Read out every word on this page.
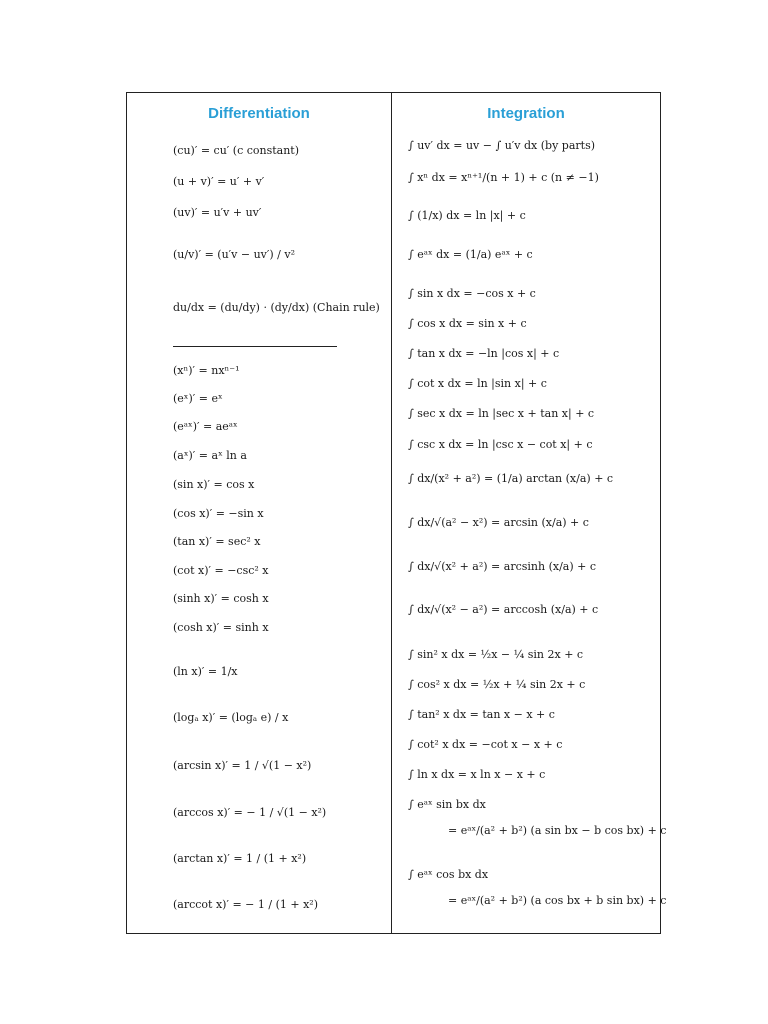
Differentiation
(cu)′ = cu′ (c constant)
(u + v)′ = u′ + v′
(uv)′ = u′v + uv′
(u/v)′ = (u′v − uv′) / v²
du/dx = (du/dy) · (dy/dx) (Chain rule)
(xⁿ)′ = nxⁿ⁻¹
(eˣ)′ = eˣ
(eᵃˣ)′ = aeᵃˣ
(aˣ)′ = aˣ ln a
(sin x)′ = cos x
(cos x)′ = −sin x
(tan x)′ = sec² x
(cot x)′ = −csc² x
(sinh x)′ = cosh x
(cosh x)′ = sinh x
(ln x)′ = 1/x
(logₐ x)′ = (logₐ e) / x
(arcsin x)′ = 1 / √(1 − x²)
(arccos x)′ = − 1 / √(1 − x²)
(arctan x)′ = 1 / (1 + x²)
(arccot x)′ = − 1 / (1 + x²)
Integration
∫ uv′ dx = uv − ∫ u′v dx (by parts)
∫ xⁿ dx = xⁿ⁺¹/(n + 1) + c (n ≠ −1)
∫ (1/x) dx = ln |x| + c
∫ eᵃˣ dx = (1/a) eᵃˣ + c
∫ sin x dx = −cos x + c
∫ cos x dx = sin x + c
∫ tan x dx = −ln |cos x| + c
∫ cot x dx = ln |sin x| + c
∫ sec x dx = ln |sec x + tan x| + c
∫ csc x dx = ln |csc x − cot x| + c
∫ dx/(x² + a²) = (1/a) arctan (x/a) + c
∫ dx/√(a² − x²) = arcsin (x/a) + c
∫ dx/√(x² + a²) = arcsinh (x/a) + c
∫ dx/√(x² − a²) = arccosh (x/a) + c
∫ sin² x dx = ½x − ¼ sin 2x + c
∫ cos² x dx = ½x + ¼ sin 2x + c
∫ tan² x dx = tan x − x + c
∫ cot² x dx = −cot x − x + c
∫ ln x dx = x ln x − x + c
∫ eᵃˣ sin bx dx
= eᵃˣ/(a² + b²) (a sin bx − b cos bx) + c
∫ eᵃˣ cos bx dx
= eᵃˣ/(a² + b²) (a cos bx + b sin bx) + c
